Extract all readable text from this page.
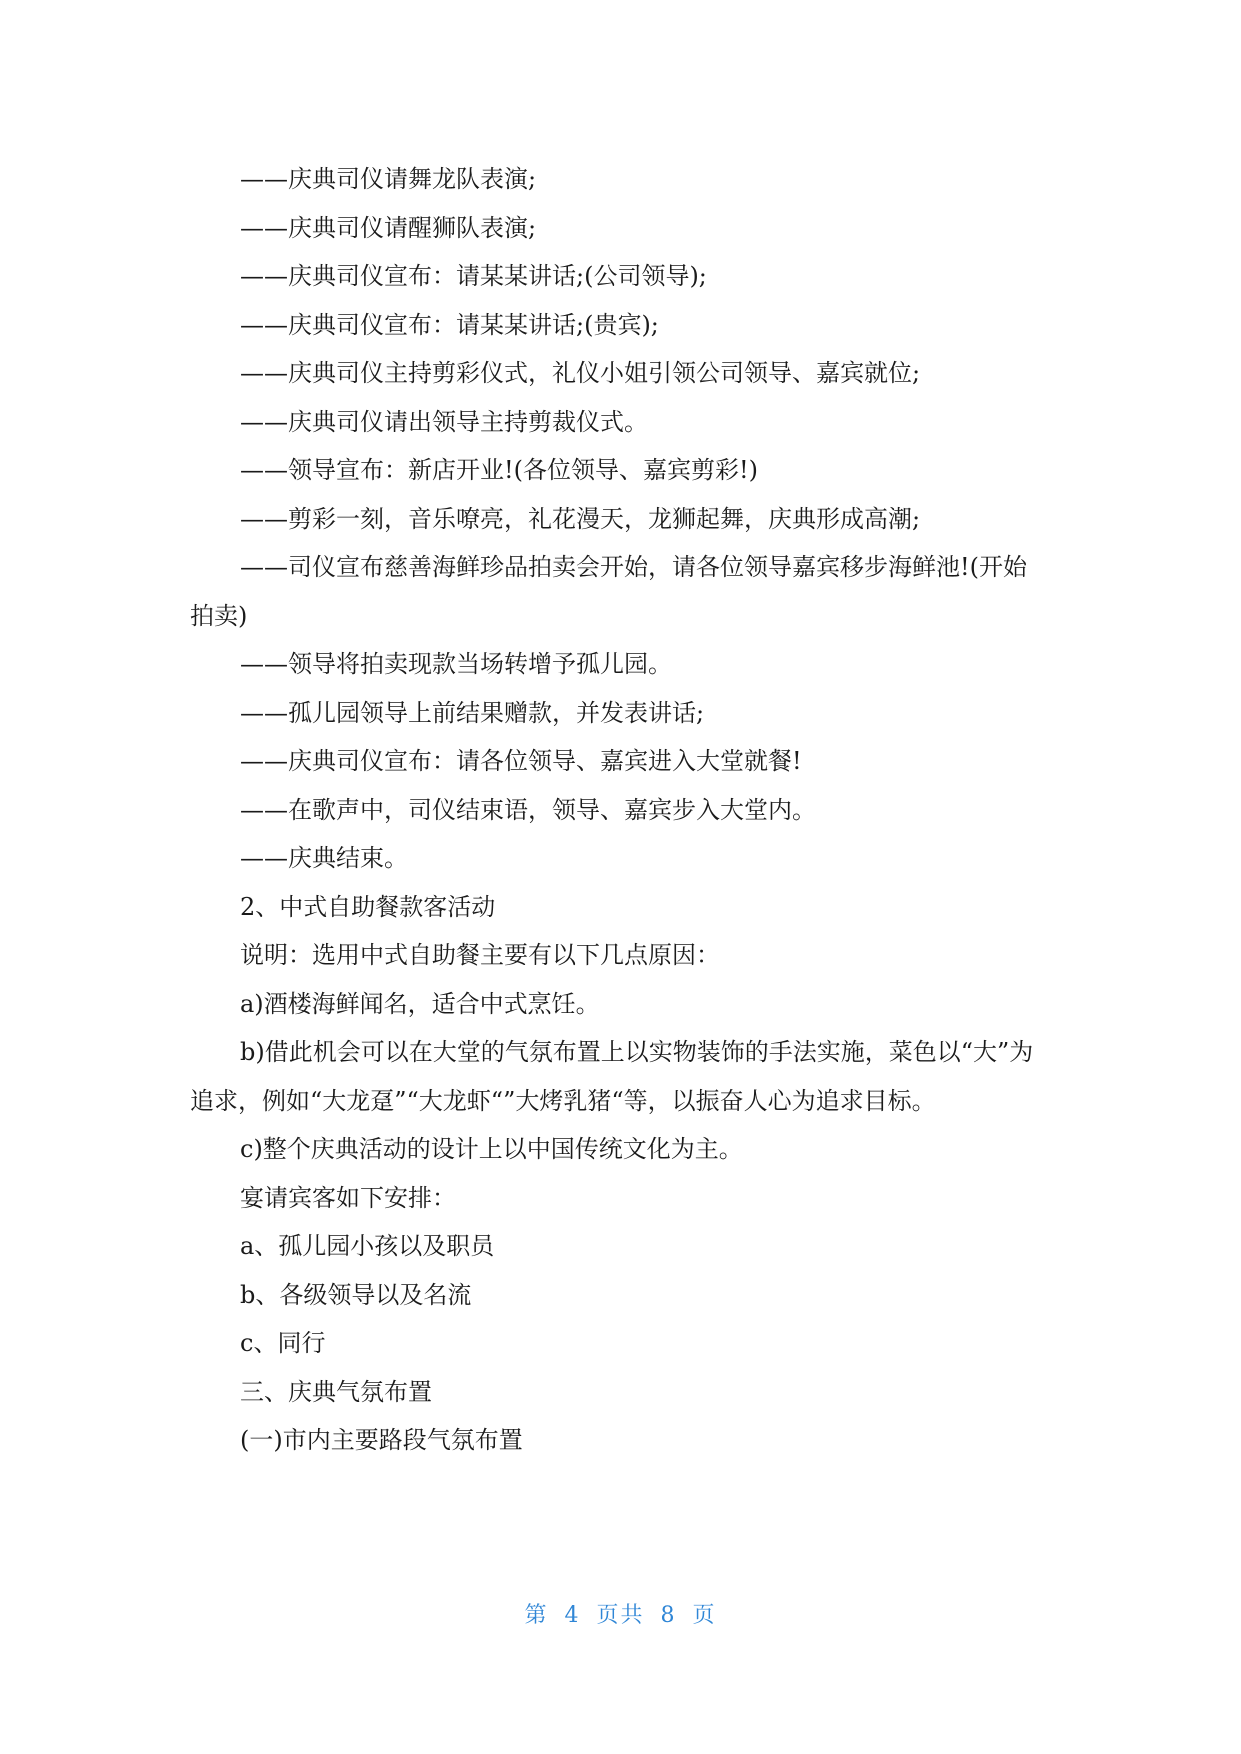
——庆典司仪请舞龙队表演;

——庆典司仪请醒狮队表演;

——庆典司仪宣布：请某某讲话;(公司领导);

——庆典司仪宣布：请某某讲话;(贵宾);

——庆典司仪主持剪彩仪式，礼仪小姐引领公司领导、嘉宾就位;

——庆典司仪请出领导主持剪裁仪式。

——领导宣布：新店开业!(各位领导、嘉宾剪彩!)

——剪彩一刻，音乐嘹亮，礼花漫天，龙狮起舞，庆典形成高潮;

——司仪宣布慈善海鲜珍品拍卖会开始，请各位领导嘉宾移步海鲜池!(开始拍卖)

——领导将拍卖现款当场转增予孤儿园。

——孤儿园领导上前结果赠款，并发表讲话;

——庆典司仪宣布：请各位领导、嘉宾进入大堂就餐!

——在歌声中，司仪结束语，领导、嘉宾步入大堂内。

——庆典结束。

2、中式自助餐款客活动

说明：选用中式自助餐主要有以下几点原因：

a)酒楼海鲜闻名，适合中式烹饪。

b)借此机会可以在大堂的气氛布置上以实物装饰的手法实施，菜色以“大”为追求，例如“大龙趸”“大龙虾“”大烤乳猪“等，以振奋人心为追求目标。

c)整个庆典活动的设计上以中国传统文化为主。

宴请宾客如下安排：

a、孤儿园小孩以及职员

b、各级领导以及名流

c、同行

三、庆典气氛布置

(一)市内主要路段气氛布置

第 4 页共 8 页
